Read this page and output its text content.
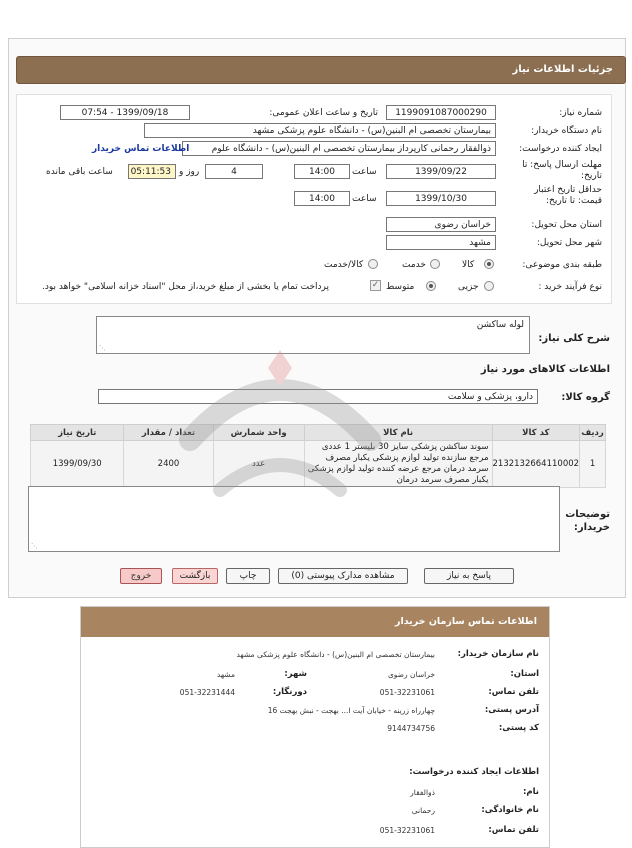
جزئیات اطلاعات نیاز
شماره نیاز:
1199091087000290
تاریخ و ساعت اعلان عمومی:
1399/09/18 - 07:54
نام دستگاه خریدار:
بیمارستان تخصصی ام البنین(س) - دانشگاه علوم پزشکی مشهد
ایجاد کننده درخواست:
ذوالفقار رحمانی کارپرداز بیمارستان تخصصی ام البنین(س) - دانشگاه علوم
اطلاعات تماس خریدار
مهلت ارسال پاسخ: تا تاریخ:
1399/09/22
ساعت
14:00
4
روز و
05:11:53
ساعت باقی مانده
حداقل تاریخ اعتبار قیمت: تا تاریخ:
1399/10/30
ساعت
14:00
استان محل تحویل:
خراسان رضوی
شهر محل تحویل:
مشهد
طبقه بندی موضوعی:
کالا
خدمت
کالا/خدمت
نوع فرآیند خرید :
جزیی
متوسط
✓
پرداخت تمام یا بخشی از مبلغ خرید،از محل "اسناد خزانه اسلامی" خواهد بود.
شرح کلی نیاز:
لوله ساکشن
⋰
اطلاعات کالاهای مورد نیاز
گروه کالا:
دارو، پزشکی و سلامت
ردیف	کد کالا	نام کالا	واحد شمارش	تعداد / مقدار	تاریخ نیاز
1	2132132664110002	سوند ساکشن پزشکی سایز 30 بلیستر 1 عددی مرجع سازنده تولید لوازم پزشکی یکبار مصرف سرمد درمان مرجع عرضه کننده تولید لوازم پزشکی یکبار مصرف سرمد درمان	عدد	2400	1399/09/30
توضیحات خریدار:
⋰
پاسخ به نیاز
مشاهده مدارک پیوستی (0)
چاپ
بازگشت
خروج
اطلاعات تماس سازمان خریدار
نام سازمان خریدار:
بیمارستان تخصصی ام البنین(س) - دانشگاه علوم پزشکی مشهد
استان:
خراسان رضوی
شهر:
مشهد
تلفن تماس:
051-32231061
دورنگار:
051-32231444
آدرس پستی:
چهارراه زرینه - خیابان آیت ا... بهجت - نبش بهجت 16
کد پستی:
9144734756
اطلاعات ایجاد کننده درخواست:
نام:
ذوالفقار
نام خانوادگی:
رحمانی
تلفن تماس:
051-32231061
